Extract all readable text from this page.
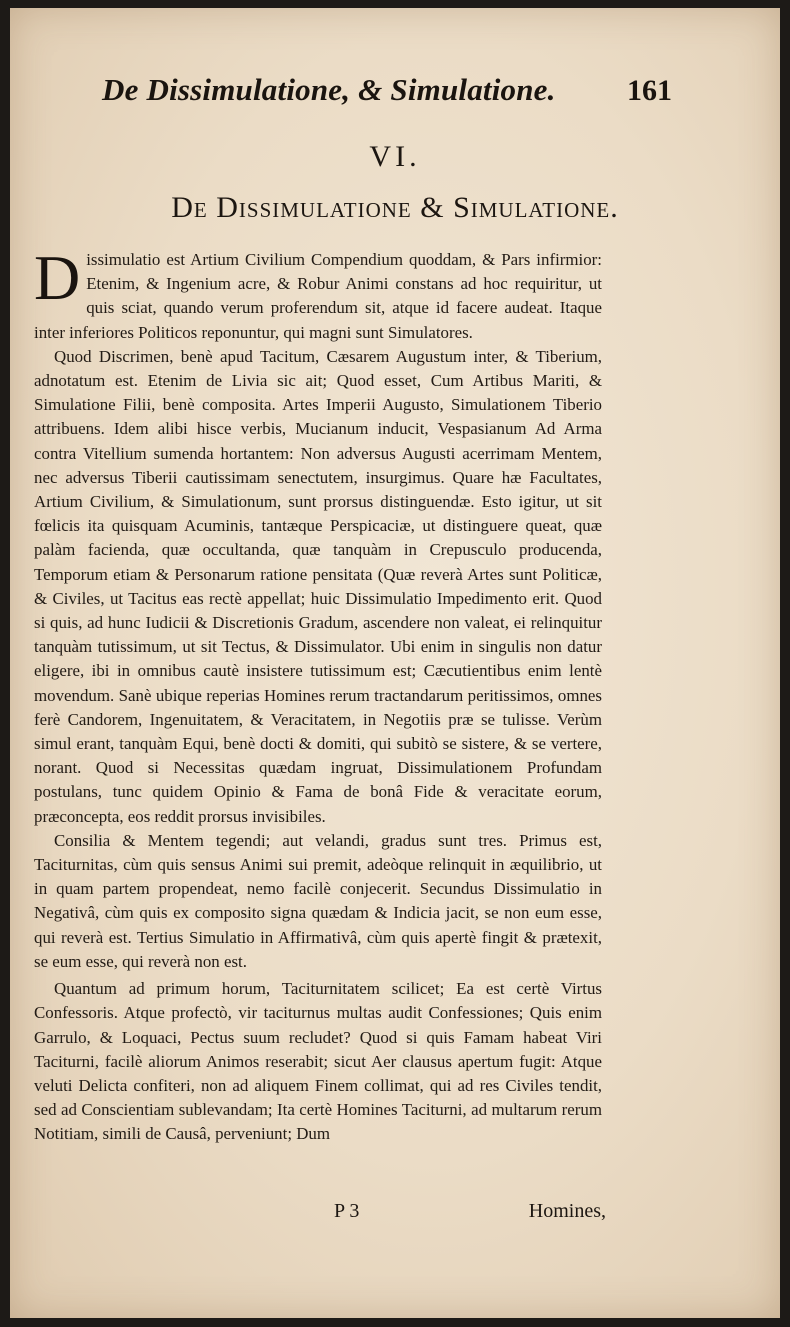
De Dissimulatione, & Simulatione. 161
VI.
De Dissimulatione & Simulatione.

Dissimulatio est Artium Civilium Compendium quoddam, & Pars infirmior: Etenim, & Ingenium acre, & Robur Animi constans ad hoc requiritur, ut quis sciat, quando verum proferendum sit, atque id facere audeat. Itaque inter inferiores Politicos reponuntur, qui magni sunt Simulatores.

Quod Discrimen, benè apud Tacitum, Cæsarem Augustum inter, & Tiberium, adnotatum est. Etenim de Livia sic ait; Quod esset, Cum Artibus Mariti, & Simulatione Filii, benè composita. Artes Imperii Augusto, Simulationem Tiberio attribuens. Idem alibi hisce verbis, Mucianum inducit, Vespasianum Ad Arma contra Vitellium sumenda hortantem: Non adversus Augusti acerrimam Mentem, nec adversus Tiberii cautissimam senectutem, insurgimus. Quare hæ Facultates, Artium Civilium, & Simulationum, sunt prorsus distinguendæ. Esto igitur, ut sit fœlicis ita quisquam Acuminis, tantæque Perspicaciæ, ut distinguere queat, quæ palàm facienda, quæ occultanda, quæ tanquàm in Crepusculo producenda, Temporum etiam & Personarum ratione pensitata (Quæ reverà Artes sunt Politicæ, & Civiles, ut Tacitus eas rectè appellat; huic Dissimulatio Impedimento erit. Quod si quis, ad hunc Iudicii & Discretionis Gradum, ascendere non valeat, ei relinquitur tanquàm tutissimum, ut sit Tectus, & Dissimulator. Ubi enim in singulis non datur eligere, ibi in omnibus cautè insistere tutissimum est; Cæcutientibus enim lentè movendum. Sanè ubique reperias Homines rerum tractandarum peritissimos, omnes ferè Candorem, Ingenuitatem, & Veracitatem, in Negotiis præ se tulisse. Verùm simul erant, tanquàm Equi, benè docti & domiti, qui subitò se sistere, & se vertere, norant. Quod si Necessitas quædam ingruat, Dissimulationem Profundam postulans, tunc quidem Opinio & Fama de bonâ Fide & veracitate eorum, præconcepta, eos reddit prorsus invisibiles.

Consilia & Mentem tegendi; aut velandi, gradus sunt tres. Primus est, Taciturnitas, cùm quis sensus Animi sui premit, adeòque relinquit in æquilibrio, ut in quam partem propendeat, nemo facilè conjecerit. Secundus Dissimulatio in Negativâ, cùm quis ex composito signa quædam & Indicia jacit, se non eum esse, qui reverà est. Tertius Simulatio in Affirmativâ, cùm quis apertè fingit & prætexit, se eum esse, qui reverà non est.

Quantum ad primum horum, Taciturnitatem scilicet; Ea est certè Virtus Confessoris. Atque profectò, vir taciturnus multas audit Confessiones; Quis enim Garrulo, & Loquaci, Pectus suum recludet? Quod si quis Famam habeat Viri Taciturni, facilè aliorum Animos reserabit; sicut Aer clausus apertum fugit: Atque veluti Delicta confiteri, non ad aliquem Finem collimat, qui ad res Civiles tendit, sed ad Conscientiam sublevandam; Ita certè Homines Taciturni, ad multarum rerum Notitiam, simili de Causâ, perveniunt; Dum

P 3	Homines,
